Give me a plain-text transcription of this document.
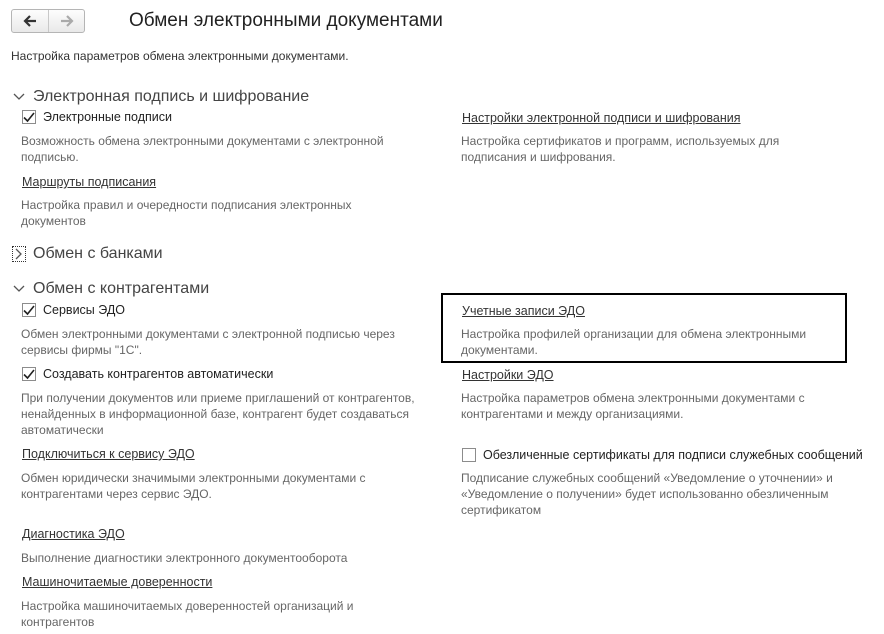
Обмен электронными документами
Настройка параметров обмена электронными документами.
Электронная подпись и шифрование
Электронные подписи
Возможность обмена электронными документами с электронной подписью.
Маршруты подписания
Настройка правил и очередности подписания электронных документов
Настройки электронной подписи и шифрования
Настройка сертификатов и программ, используемых для подписания и шифрования.
Обмен с банками
Обмен с контрагентами
Сервисы ЭДО
Обмен электронными документами с электронной подписью через сервисы фирмы "1С".
Создавать контрагентов автоматически
При получении документов или приеме приглашений от контрагентов, ненайденных в информационной базе, контрагент будет создаваться автоматически
Подключиться к сервису ЭДО
Обмен юридически значимыми электронными документами с контрагентами через сервис ЭДО.
Диагностика ЭДО
Выполнение диагностики электронного документооборота
Машиночитаемые доверенности
Настройка машиночитаемых доверенностей организаций и контрагентов
Учетные записи ЭДО
Настройка профилей организации для обмена электронными документами.
Настройки ЭДО
Настройка параметров обмена электронными документами с контрагентами и между организациями.
Обезличенные сертификаты для подписи служебных сообщений
Подписание служебных сообщений «Уведомление о уточнении» и «Уведомление о получении» будет использованно обезличенным сертификатом
